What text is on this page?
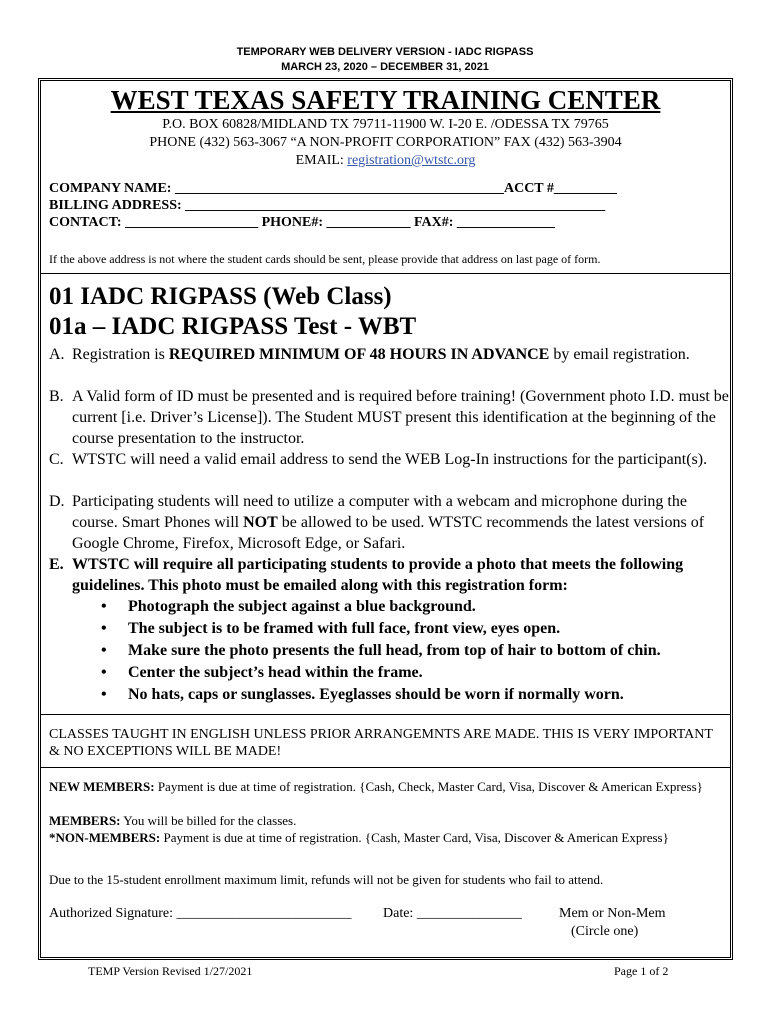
TEMPORARY WEB DELIVERY VERSION - IADC RIGPASS
MARCH 23, 2020 – DECEMBER 31, 2021
WEST TEXAS SAFETY TRAINING CENTER
P.O. BOX 60828/MIDLAND TX 79711-11900 W. I-20 E. /ODESSA TX 79765
PHONE (432) 563-3067 “A NON-PROFIT CORPORATION” FAX (432) 563-3904
EMAIL: registration@wtstc.org
COMPANY NAME: _______________________________________________ACCT #_________
BILLING ADDRESS: ____________________________________________________________
CONTACT: ___________________ PHONE#: ____________ FAX#: ______________
If the above address is not where the student cards should be sent, please provide that address on last page of form.
01 IADC RIGPASS (Web Class)
01a – IADC RIGPASS Test - WBT
A. Registration is REQUIRED MINIMUM OF 48 HOURS IN ADVANCE by email registration.
B. A Valid form of ID must be presented and is required before training! (Government photo I.D. must be current [i.e. Driver’s License]). The Student MUST present this identification at the beginning of the course presentation to the instructor.
C. WTSTC will need a valid email address to send the WEB Log-In instructions for the participant(s).
D. Participating students will need to utilize a computer with a webcam and microphone during the course. Smart Phones will NOT be allowed to be used. WTSTC recommends the latest versions of Google Chrome, Firefox, Microsoft Edge, or Safari.
E. WTSTC will require all participating students to provide a photo that meets the following guidelines. This photo must be emailed along with this registration form:
• Photograph the subject against a blue background.
• The subject is to be framed with full face, front view, eyes open.
• Make sure the photo presents the full head, from top of hair to bottom of chin.
• Center the subject’s head within the frame.
• No hats, caps or sunglasses. Eyeglasses should be worn if normally worn.
CLASSES TAUGHT IN ENGLISH UNLESS PRIOR ARRANGEMNTS ARE MADE. THIS IS VERY IMPORTANT & NO EXCEPTIONS WILL BE MADE!
NEW MEMBERS: Payment is due at time of registration. {Cash, Check, Master Card, Visa, Discover & American Express}
MEMBERS: You will be billed for the classes.
*NON-MEMBERS: Payment is due at time of registration. {Cash, Master Card, Visa, Discover & American Express}
Due to the 15-student enrollment maximum limit, refunds will not be given for students who fail to attend.
Authorized Signature: _________________________ Date: _______________	Mem or Non-Mem
(Circle one)
TEMP Version Revised 1/27/2021	Page 1 of 2
